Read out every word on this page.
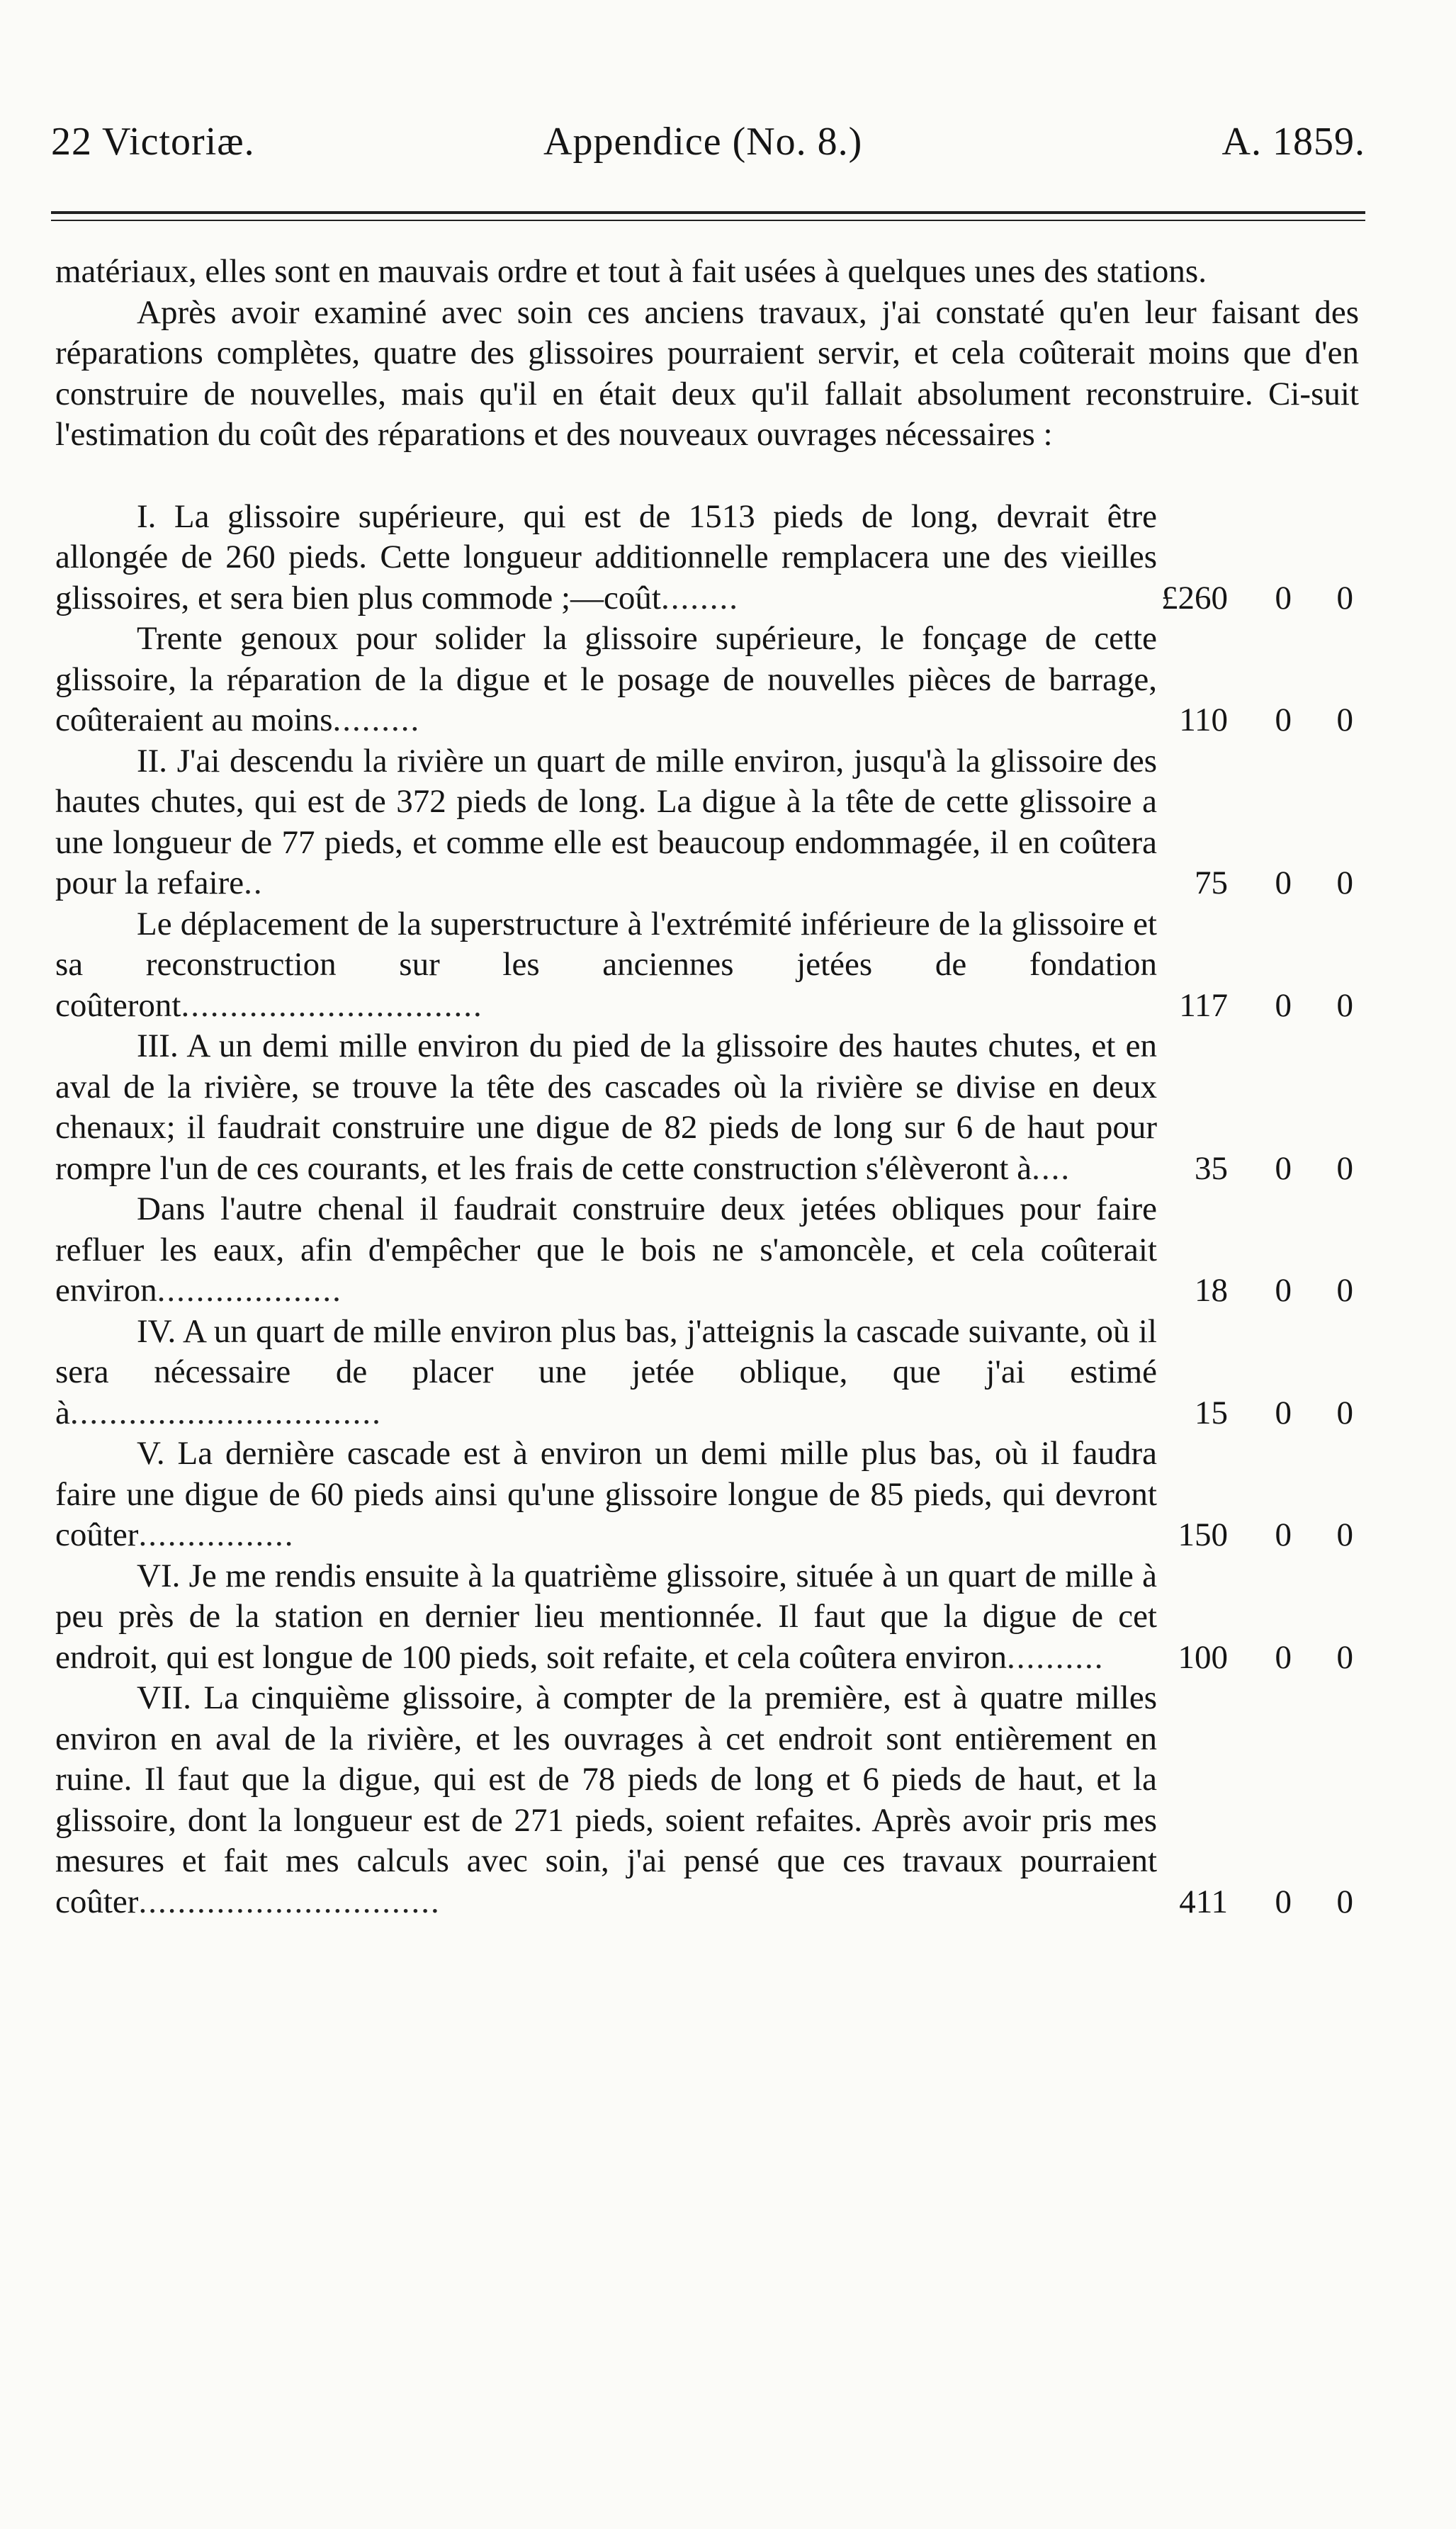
22 Victoriæ.	Appendice (No. 8.)	A. 1859.

matériaux, elles sont en mauvais ordre et tout à fait usées à quelques unes des stations.

Après avoir examiné avec soin ces anciens travaux, j'ai constaté qu'en leur faisant des réparations complètes, quatre des glissoires pourraient servir, et cela coûterait moins que d'en construire de nouvelles, mais qu'il en était deux qu'il fallait absolument reconstruire. Ci-suit l'estimation du coût des réparations et des nouveaux ouvrages nécessaires :

I. La glissoire supérieure, qui est de 1513 pieds de long, devrait être allongée de 260 pieds. Cette longueur additionnelle remplacera une des vieilles glissoires, et sera bien plus commode ;—coût........	£260 0 0

Trente genoux pour solider la glissoire supérieure, le fonçage de cette glissoire, la réparation de la digue et le posage de nouvelles pièces de barrage, coûteraient au moins.........	110 0 0

II. J'ai descendu la rivière un quart de mille environ, jusqu'à la glissoire des hautes chutes, qui est de 372 pieds de long. La digue à la tête de cette glissoire a une longueur de 77 pieds, et comme elle est beaucoup endommagée, il en coûtera pour la refaire..	75 0 0

Le déplacement de la superstructure à l'extrémité inférieure de la glissoire et sa reconstruction sur les anciennes jetées de fondation coûteront...............................	117 0 0

III. A un demi mille environ du pied de la glissoire des hautes chutes, et en aval de la rivière, se trouve la tête des cascades où la rivière se divise en deux chenaux; il faudrait construire une digue de 82 pieds de long sur 6 de haut pour rompre l'un de ces courants, et les frais de cette construction s'élèveront à....	35 0 0

Dans l'autre chenal il faudrait construire deux jetées obliques pour faire refluer les eaux, afin d'empêcher que le bois ne s'amoncèle, et cela coûterait environ...................	18 0 0

IV. A un quart de mille environ plus bas, j'atteignis la cascade suivante, où il sera nécessaire de placer une jetée oblique, que j'ai estimé à................................	15 0 0

V. La dernière cascade est à environ un demi mille plus bas, où il faudra faire une digue de 60 pieds ainsi qu'une glissoire longue de 85 pieds, qui devront coûter................	150 0 0

VI. Je me rendis ensuite à la quatrième glissoire, située à un quart de mille à peu près de la station en dernier lieu mentionnée. Il faut que la digue de cet endroit, qui est longue de 100 pieds, soit refaite, et cela coûtera environ..........	100 0 0

VII. La cinquième glissoire, à compter de la première, est à quatre milles environ en aval de la rivière, et les ouvrages à cet endroit sont entièrement en ruine. Il faut que la digue, qui est de 78 pieds de long et 6 pieds de haut, et la glissoire, dont la longueur est de 271 pieds, soient refaites. Après avoir pris mes mesures et fait mes calculs avec soin, j'ai pensé que ces travaux pourraient coûter...............................	411 0 0
